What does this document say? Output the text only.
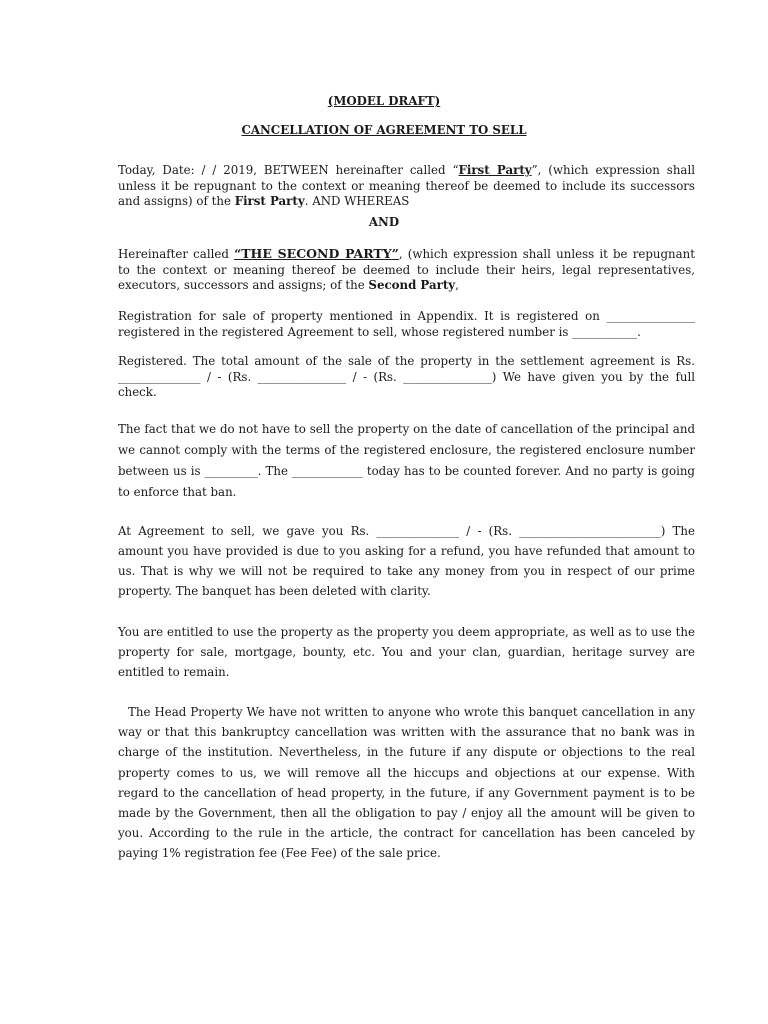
(MODEL DRAFT)

CANCELLATION OF AGREEMENT TO SELL

Today, Date: / / 2019, BETWEEN hereinafter called “First Party”, (which expression shall unless it be repugnant to the context or meaning thereof be deemed to include its successors and assigns) of the First Party. AND WHEREAS

AND

Hereinafter called “THE SECOND PARTY”, (which expression shall unless it be repugnant to the context or meaning thereof be deemed to include their heirs, legal representatives, executors, successors and assigns; of the Second Party,

Registration for sale of property mentioned in Appendix. It is registered on _______________ registered in the registered Agreement to sell, whose registered number is ___________.

Registered. The total amount of the sale of the property in the settlement agreement is Rs. ______________ / - (Rs. _______________ / - (Rs. _______________) We have given you by the full check.

The fact that we do not have to sell the property on the date of cancellation of the principal and we cannot comply with the terms of the registered enclosure, the registered enclosure number between us is _________. The ____________ today has to be counted forever. And no party is going to enforce that ban.

At Agreement to sell, we gave you Rs. ______________ / - (Rs. ________________________) The amount you have provided is due to you asking for a refund, you have refunded that amount to us. That is why we will not be required to take any money from you in respect of our prime property. The banquet has been deleted with clarity.

You are entitled to use the property as the property you deem appropriate, as well as to use the property for sale, mortgage, bounty, etc. You and your clan, guardian, heritage survey are entitled to remain.

The Head Property We have not written to anyone who wrote this banquet cancellation in any way or that this bankruptcy cancellation was written with the assurance that no bank was in charge of the institution. Nevertheless, in the future if any dispute or objections to the real property comes to us, we will remove all the hiccups and objections at our expense. With regard to the cancellation of head property, in the future, if any Government payment is to be made by the Government, then all the obligation to pay / enjoy all the amount will be given to you. According to the rule in the article, the contract for cancellation has been canceled by paying 1% registration fee (Fee Fee) of the sale price.
